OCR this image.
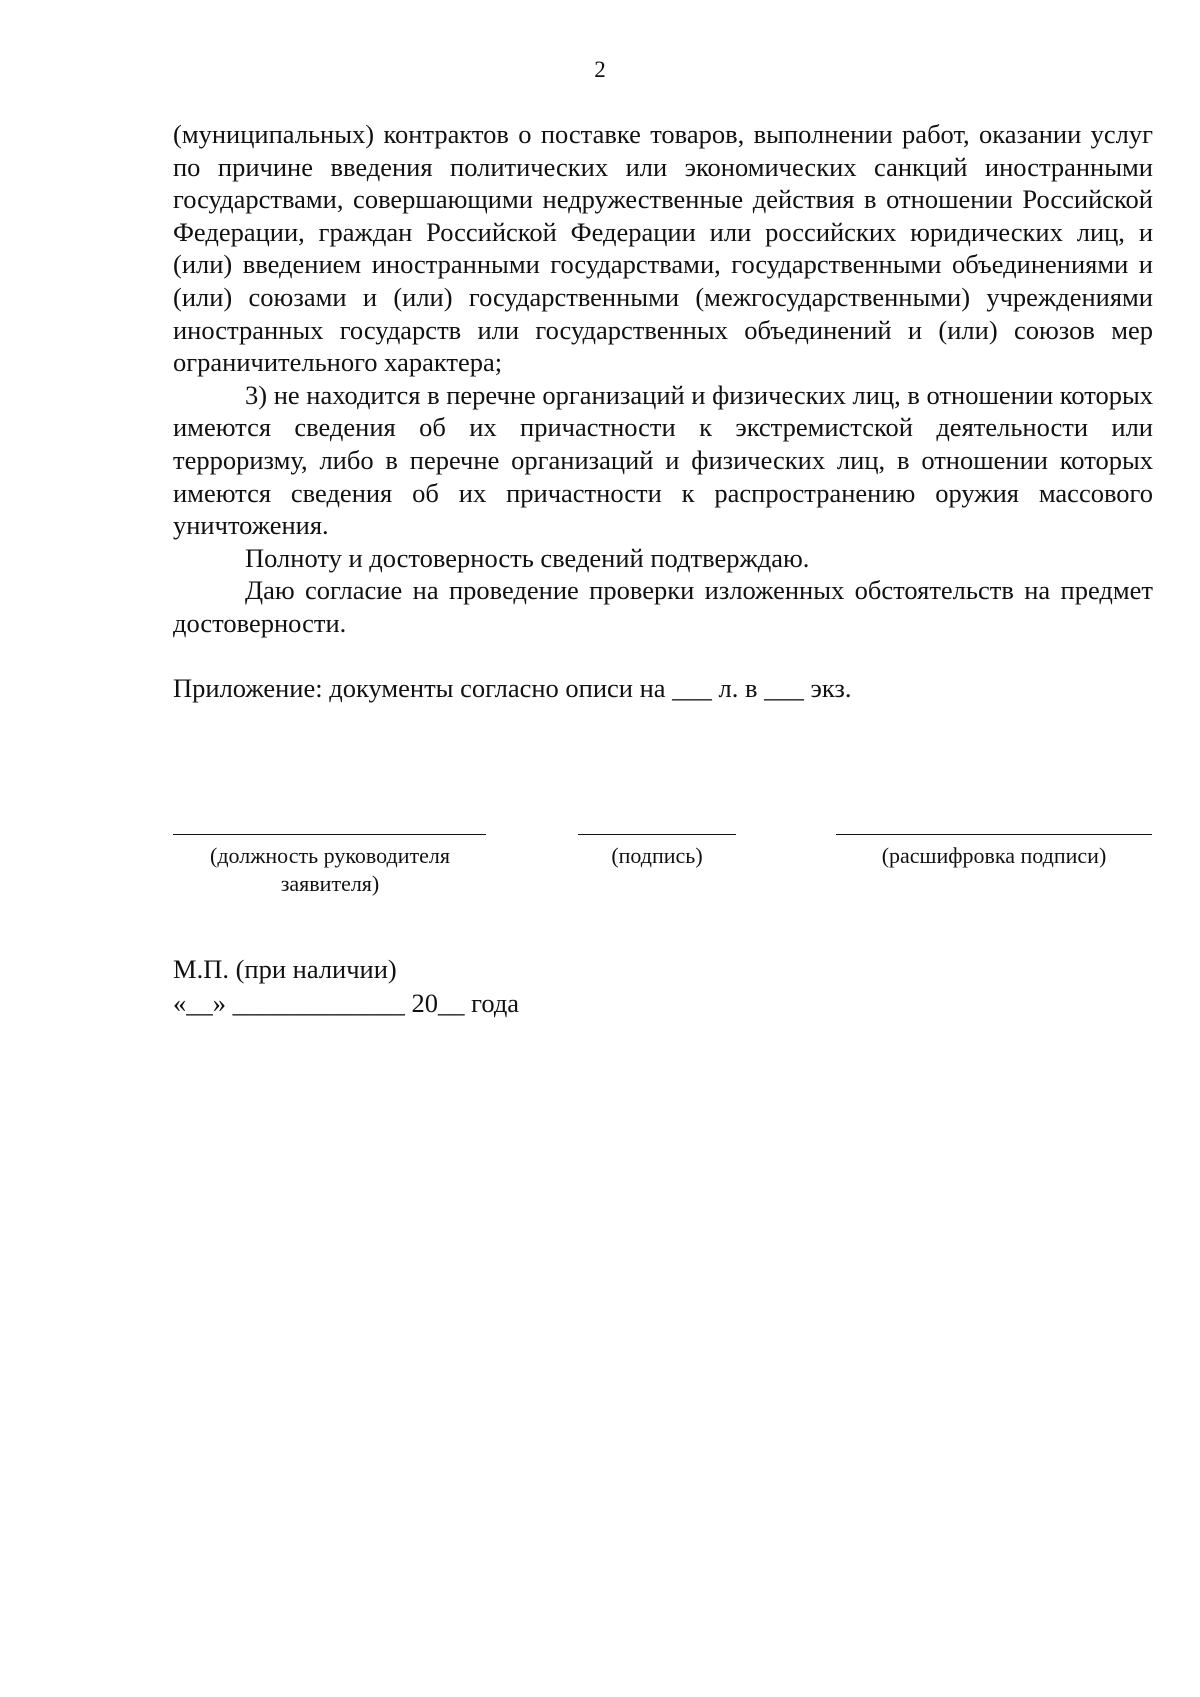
2

(муниципальных) контрактов о поставке товаров, выполнении работ, оказании услуг по причине введения политических или экономических санкций иностранными государствами, совершающими недружественные действия в отношении Российской Федерации, граждан Российской Федерации или российских юридических лиц, и (или) введением иностранными государствами, государственными объединениями и (или) союзами и (или) государственными (межгосударственными) учреждениями иностранных государств или государственных объединений и (или) союзов мер ограничительного характера;

3) не находится в перечне организаций и физических лиц, в отношении которых имеются сведения об их причастности к экстремистской деятельности или терроризму, либо в перечне организаций и физических лиц, в отношении которых имеются сведения об их причастности к распространению оружия массового уничтожения.

Полноту и достоверность сведений подтверждаю.

Даю согласие на проведение проверки изложенных обстоятельств на предмет достоверности.

Приложение: документы согласно описи на ___ л. в ___ экз.

(должность руководителя заявителя)
(подпись)	(расшифровка подписи)
М.П. (при наличии)
«__» _____________ 20__ года
